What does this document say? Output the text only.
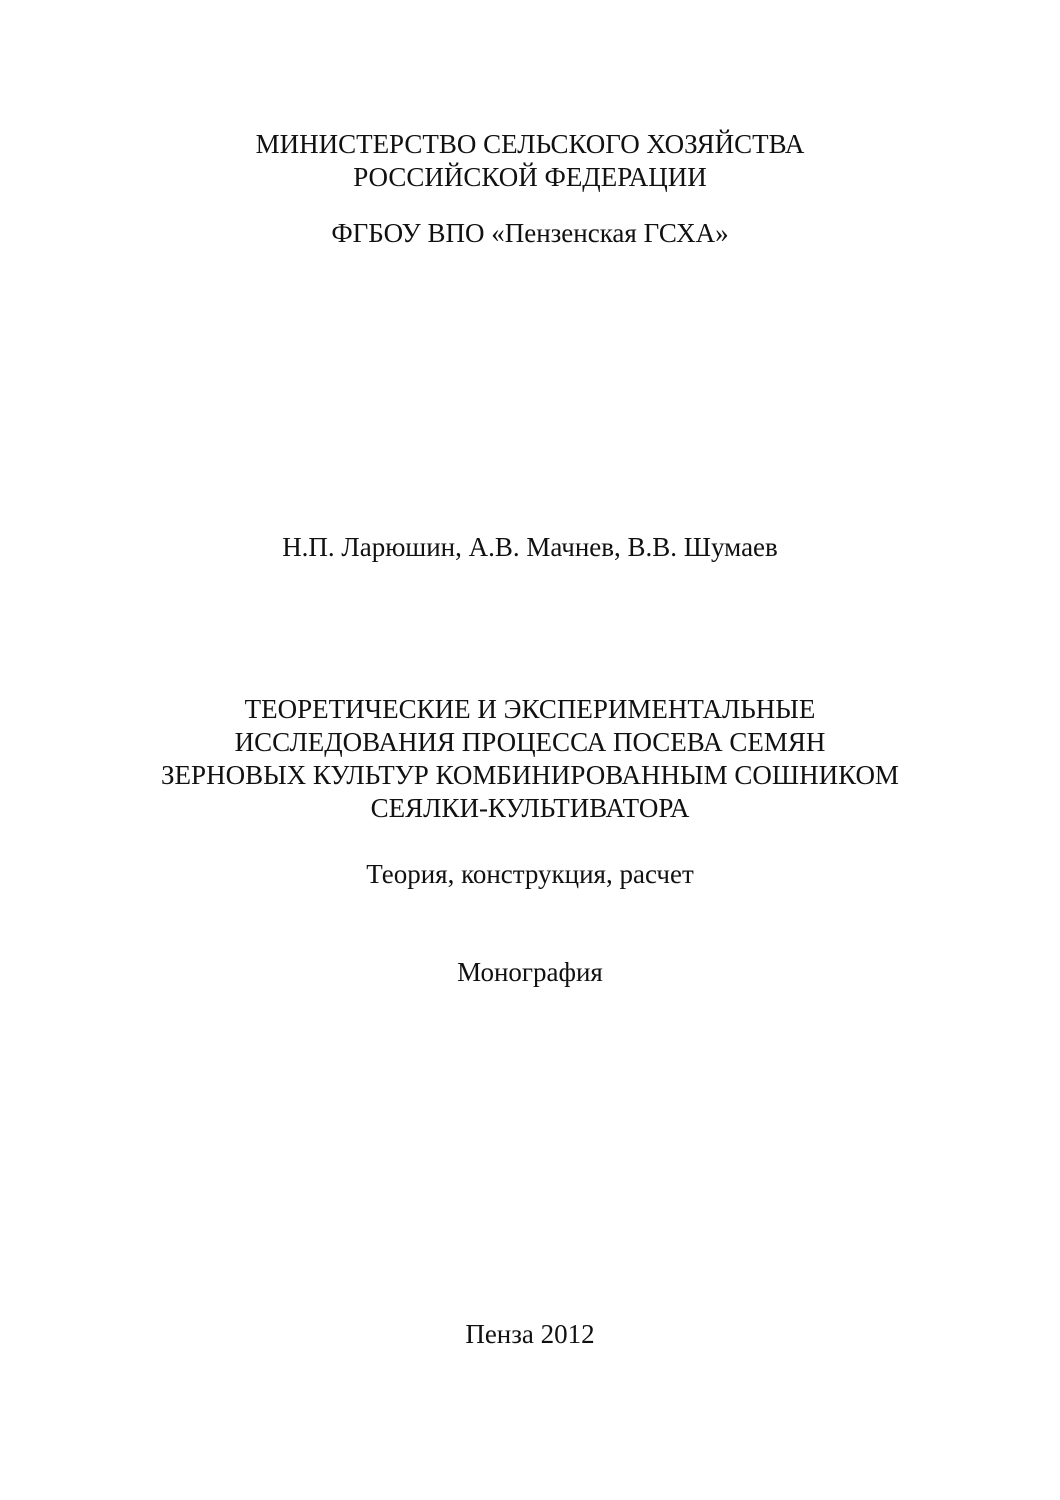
МИНИСТЕРСТВО СЕЛЬСКОГО ХОЗЯЙСТВА
РОССИЙСКОЙ ФЕДЕРАЦИИ
ФГБОУ ВПО «Пензенская ГСХА»
Н.П. Ларюшин, А.В. Мачнев, В.В. Шумаев
ТЕОРЕТИЧЕСКИЕ И ЭКСПЕРИМЕНТАЛЬНЫЕ
ИССЛЕДОВАНИЯ ПРОЦЕССА ПОСЕВА СЕМЯН
ЗЕРНОВЫХ КУЛЬТУР КОМБИНИРОВАННЫМ СОШНИКОМ
СЕЯЛКИ-КУЛЬТИВАТОРА
Теория, конструкция, расчет
Монография
Пенза 2012
